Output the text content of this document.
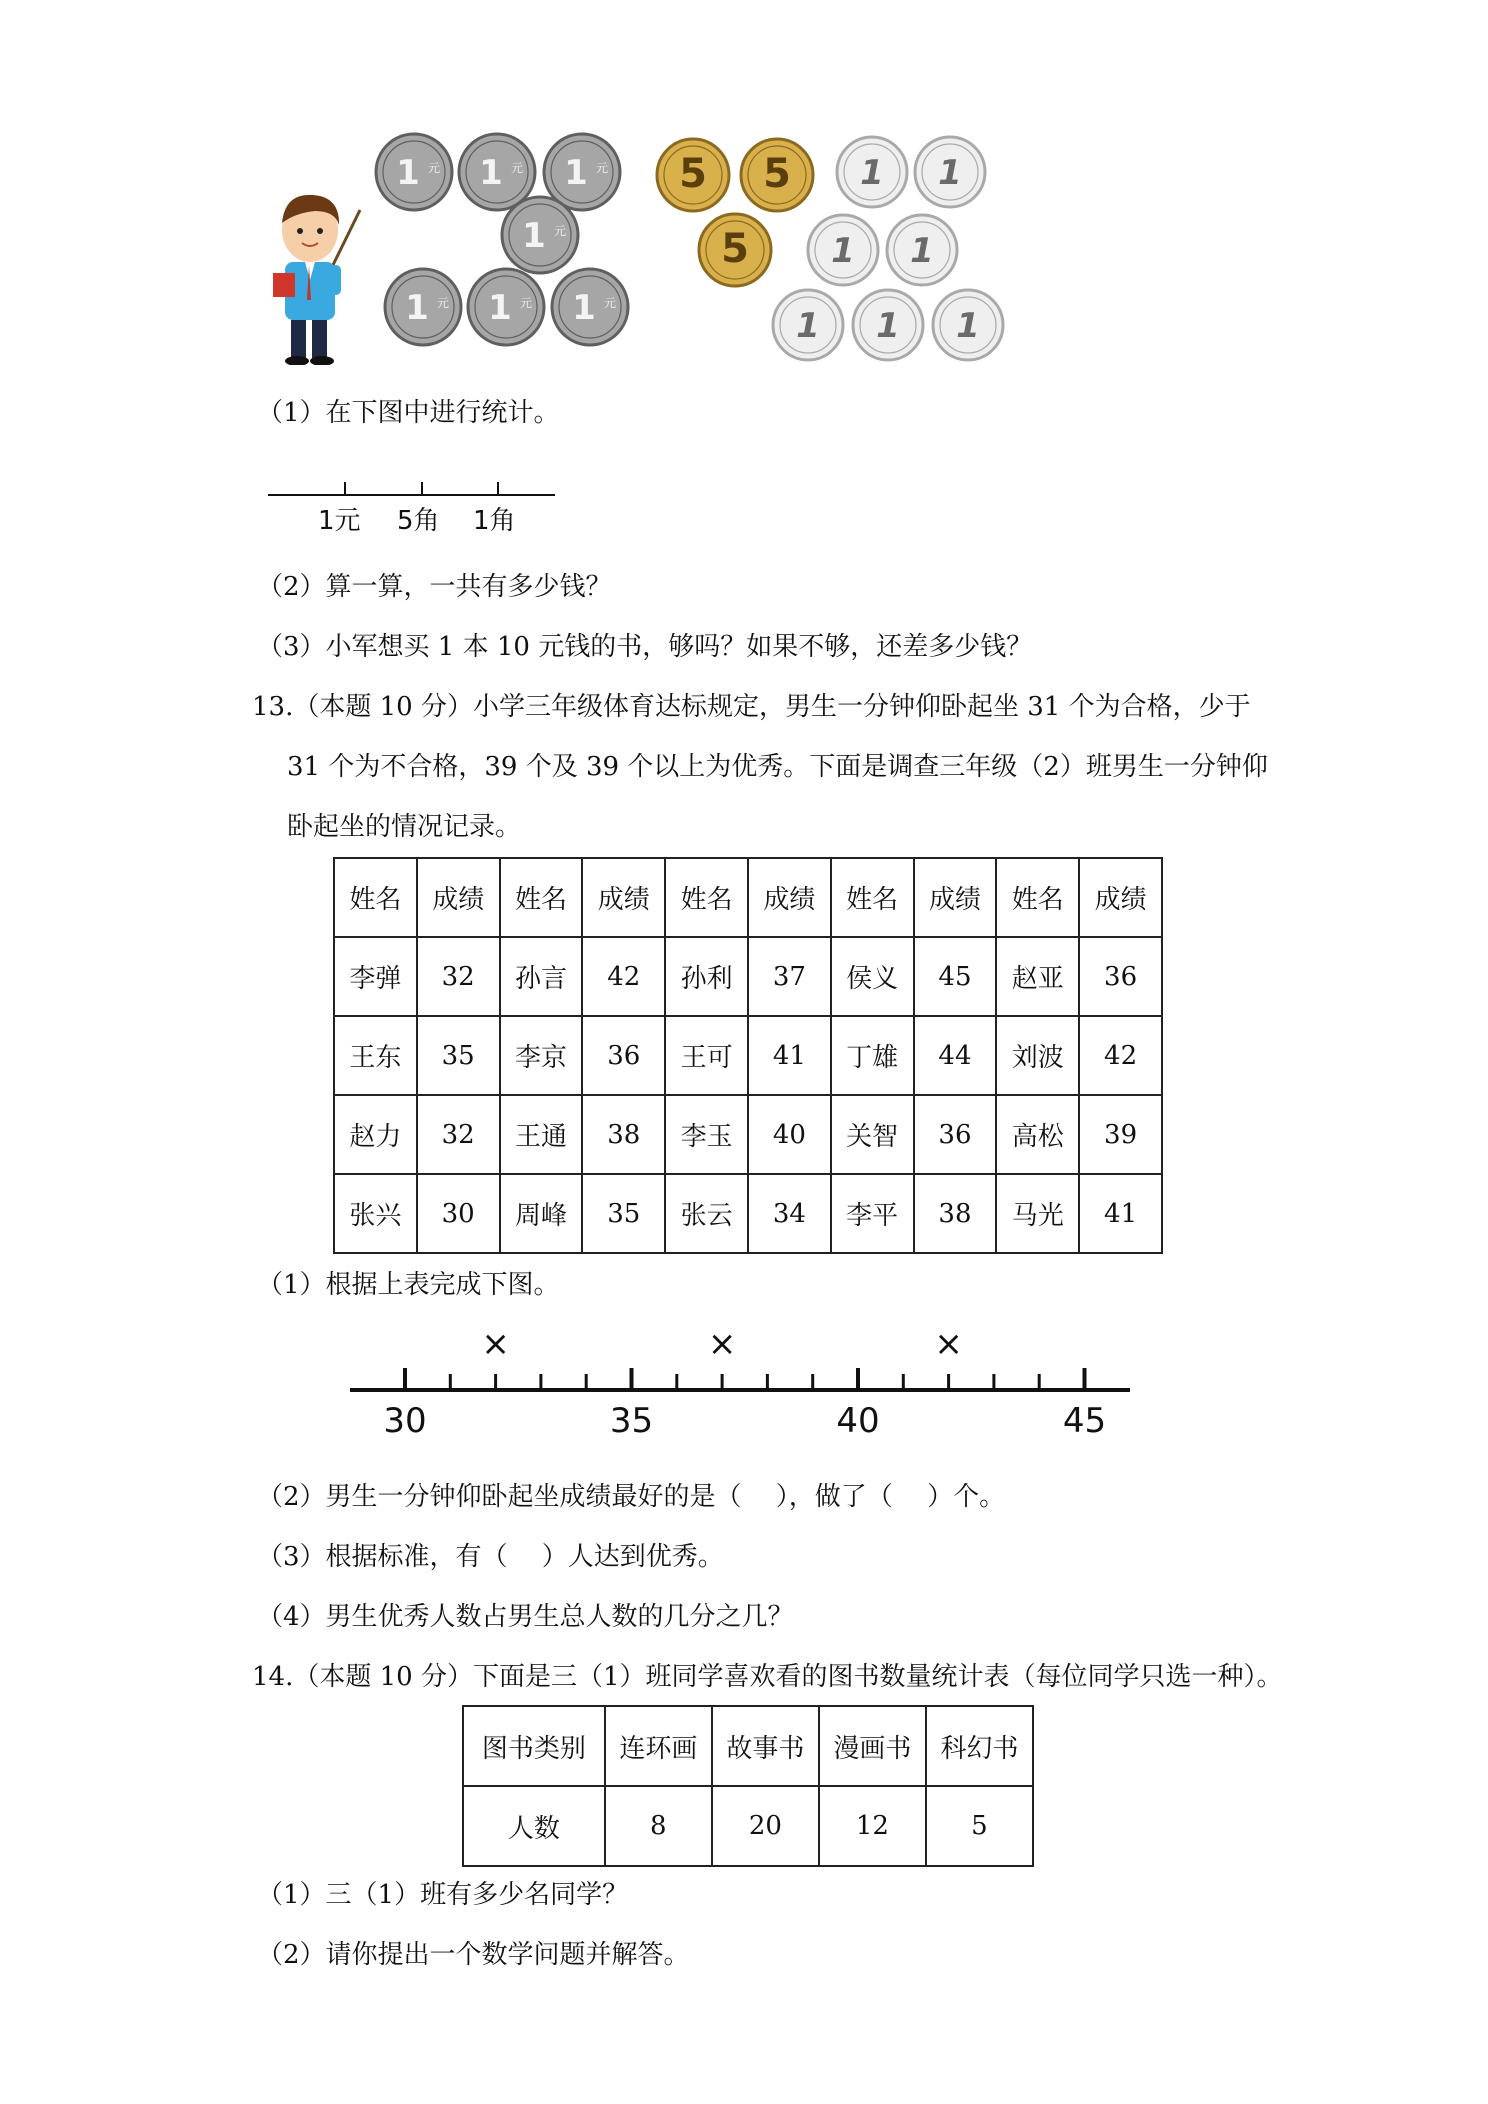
1 元 1 元 1 元
1 元
1 元 1 元 1 元
5 5
5
1 1
1 1
1 1 1
（1）在下图中进行统计。
1元 5角 1角
（2）算一算，一共有多少钱？
（3）小军想买 1 本 10 元钱的书，够吗？如果不够，还差多少钱？
13.（本题 10 分）小学三年级体育达标规定，男生一分钟仰卧起坐 31 个为合格，少于
31 个为不合格，39 个及 39 个以上为优秀。下面是调查三年级（2）班男生一分钟仰
卧起坐的情况记录。
姓名	成绩	姓名	成绩	姓名	成绩	姓名	成绩	姓名	成绩
李弹	32	孙言	42	孙利	37	侯义	45	赵亚	36
王东	35	李京	36	王可	41	丁雄	44	刘波	42
赵力	32	王通	38	李玉	40	关智	36	高松	39
张兴	30	周峰	35	张云	34	李平	38	马光	41
（1）根据上表完成下图。
30	35	40	45
×	×	×
（2）男生一分钟仰卧起坐成绩最好的是（　 ），做了（　 ）个。
（3）根据标准，有（　 ）人达到优秀。
（4）男生优秀人数占男生总人数的几分之几？
14.（本题 10 分）下面是三（1）班同学喜欢看的图书数量统计表（每位同学只选一种）。
图书类别	连环画	故事书	漫画书	科幻书
人数	8	20	12	5
（1）三（1）班有多少名同学？
（2）请你提出一个数学问题并解答。
